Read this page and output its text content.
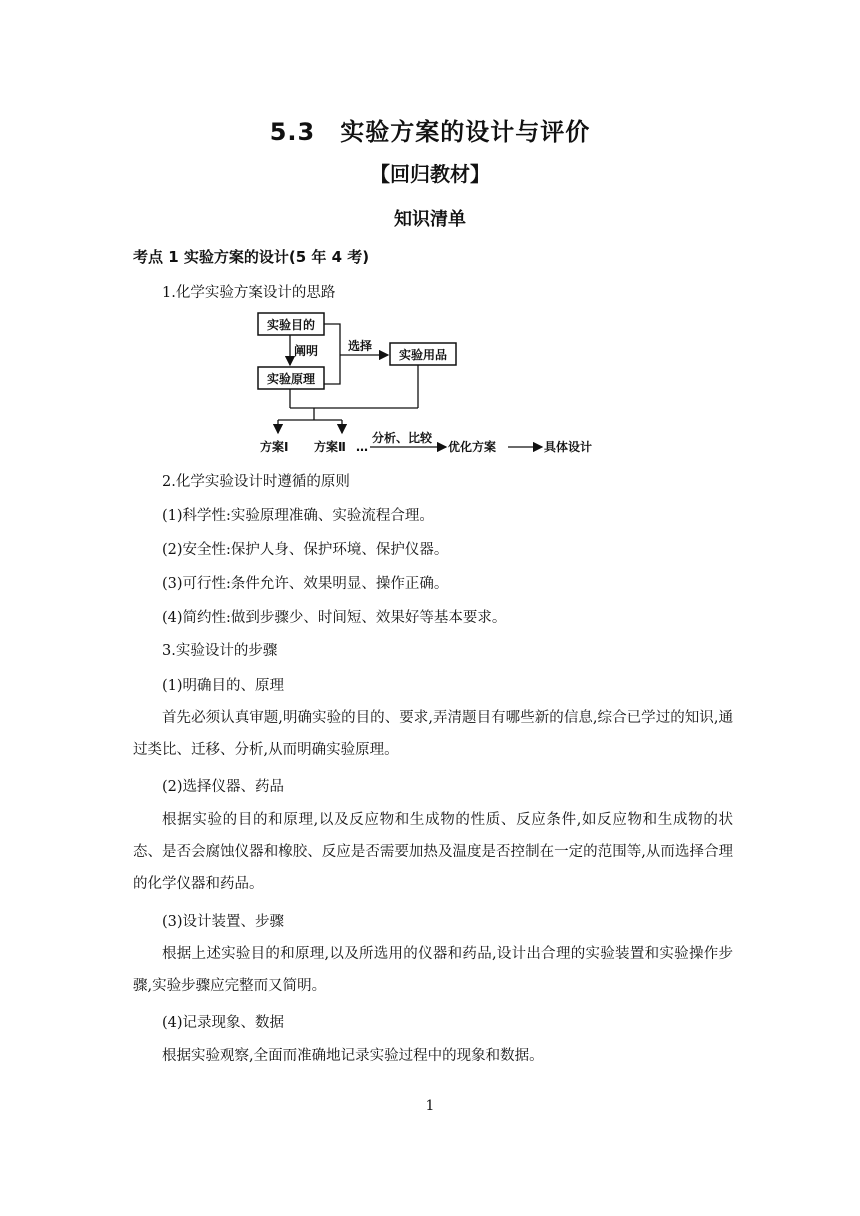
5.3　实验方案的设计与评价
【回归教材】
知识清单
考点 1 实验方案的设计(5 年 4 考)
1.化学实验方案设计的思路
实验目的
阐明
实验原理
选择
实验用品
方案Ⅰ 方案Ⅱ …
分析、比较
优化方案	具体设计
2.化学实验设计时遵循的原则
(1)科学性:实验原理准确、实验流程合理。
(2)安全性:保护人身、保护环境、保护仪器。
(3)可行性:条件允许、效果明显、操作正确。
(4)简约性:做到步骤少、时间短、效果好等基本要求。
3.实验设计的步骤
(1)明确目的、原理
首先必须认真审题,明确实验的目的、要求,弄清题目有哪些新的信息,综合已学过的知识,通过类比、迁移、分析,从而明确实验原理。
(2)选择仪器、药品
根据实验的目的和原理,以及反应物和生成物的性质、反应条件,如反应物和生成物的状态、是否会腐蚀仪器和橡胶、反应是否需要加热及温度是否控制在一定的范围等,从而选择合理的化学仪器和药品。
(3)设计装置、步骤
根据上述实验目的和原理,以及所选用的仪器和药品,设计出合理的实验装置和实验操作步骤,实验步骤应完整而又简明。
(4)记录现象、数据
根据实验观察,全面而准确地记录实验过程中的现象和数据。
1
